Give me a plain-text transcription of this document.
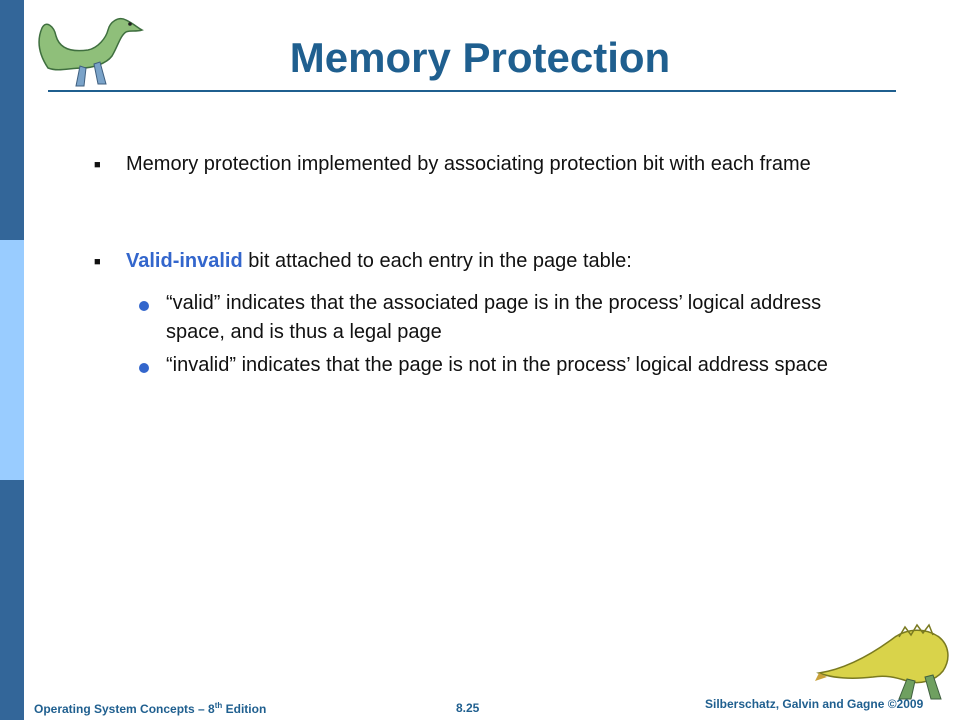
Memory Protection
■ Memory protection implemented by associating protection bit with each frame
■ Valid-invalid bit attached to each entry in the page table:
“valid” indicates that the associated page is in the process’ logical address space, and is thus a legal page
“invalid” indicates that the page is not in the process’ logical address space
Operating System Concepts – 8th Edition	8.25	Silberschatz, Galvin and Gagne ©2009
